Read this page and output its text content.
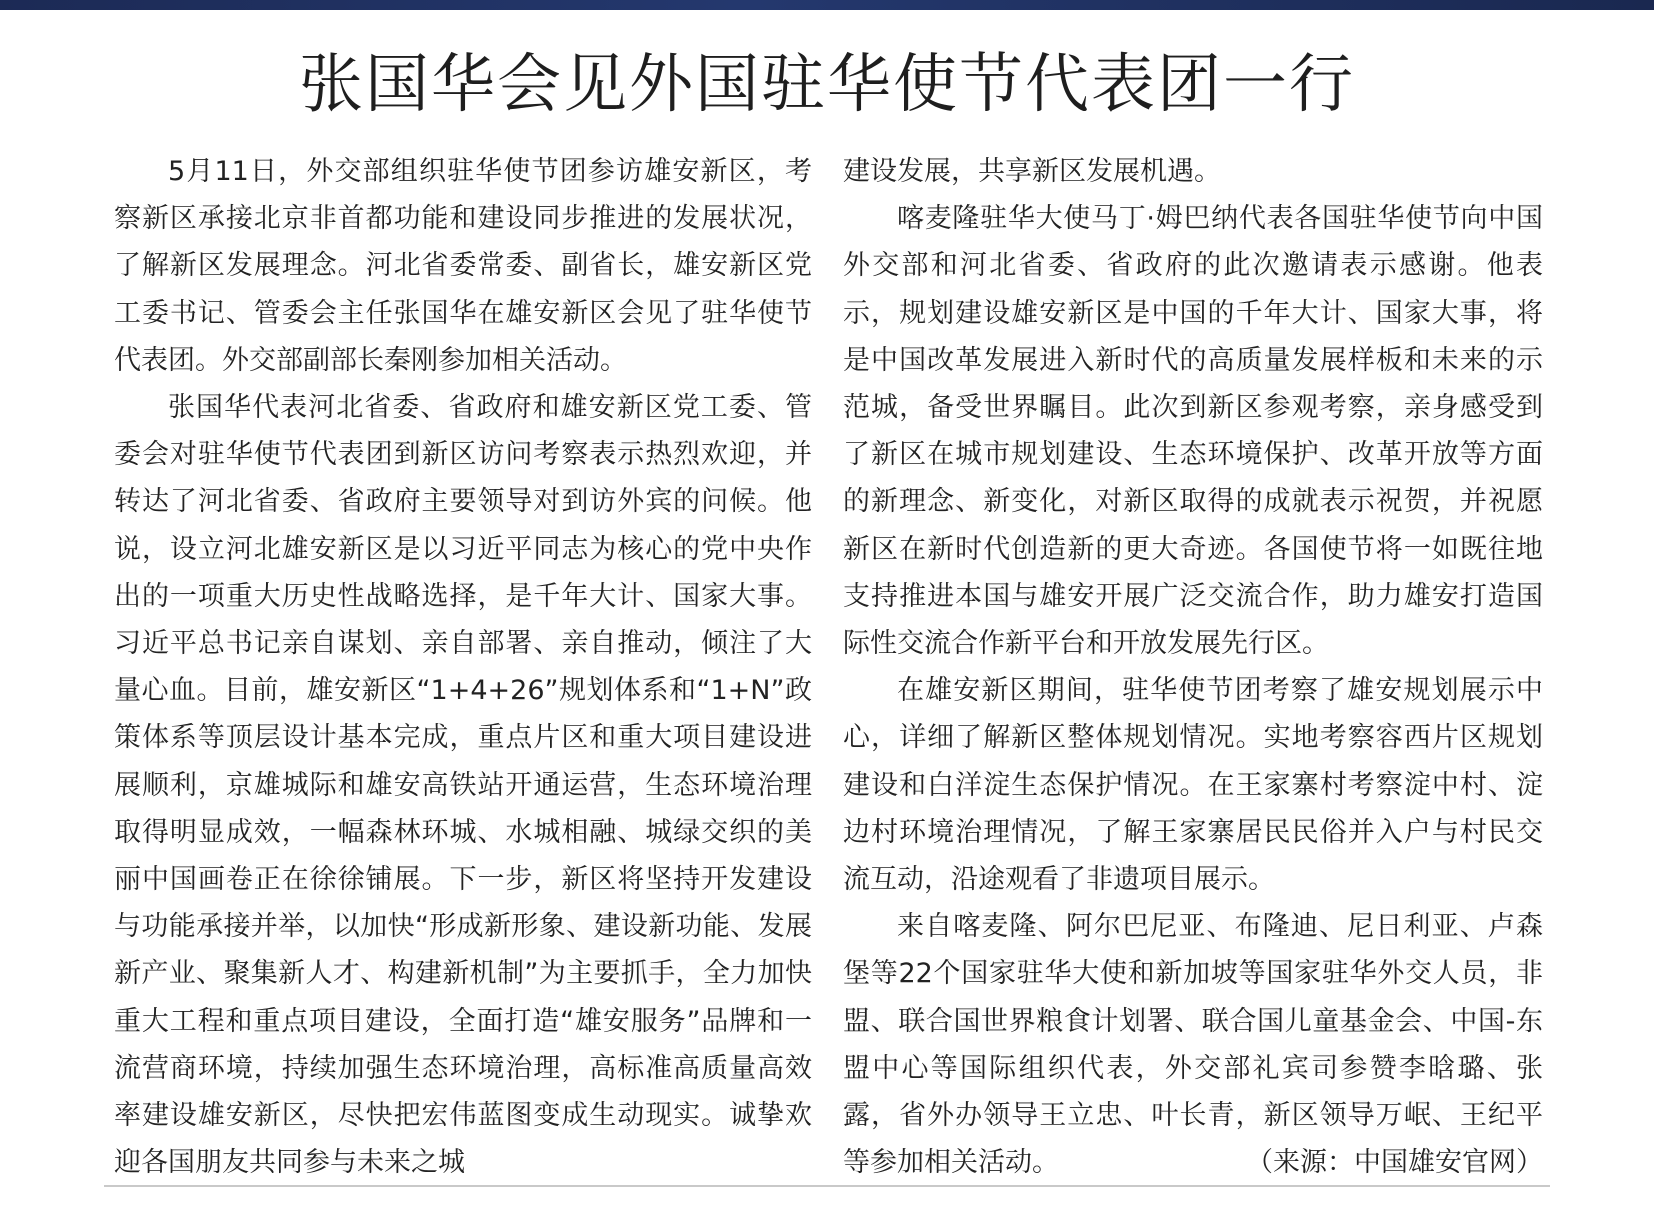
张国华会见外国驻华使节代表团一行

5月11日，外交部组织驻华使节团参访雄安新区，考察新区承接北京非首都功能和建设同步推进的发展状况，了解新区发展理念。河北省委常委、副省长，雄安新区党工委书记、管委会主任张国华在雄安新区会见了驻华使节代表团。外交部副部长秦刚参加相关活动。

张国华代表河北省委、省政府和雄安新区党工委、管委会对驻华使节代表团到新区访问考察表示热烈欢迎，并转达了河北省委、省政府主要领导对到访外宾的问候。他说，设立河北雄安新区是以习近平同志为核心的党中央作出的一项重大历史性战略选择，是千年大计、国家大事。习近平总书记亲自谋划、亲自部署、亲自推动，倾注了大量心血。目前，雄安新区“1+4+26”规划体系和“1+N”政策体系等顶层设计基本完成，重点片区和重大项目建设进展顺利，京雄城际和雄安高铁站开通运营，生态环境治理取得明显成效，一幅森林环城、水城相融、城绿交织的美丽中国画卷正在徐徐铺展。下一步，新区将坚持开发建设与功能承接并举，以加快“形成新形象、建设新功能、发展新产业、聚集新人才、构建新机制”为主要抓手，全力加快重大工程和重点项目建设，全面打造“雄安服务”品牌和一流营商环境，持续加强生态环境治理，高标准高质量高效率建设雄安新区，尽快把宏伟蓝图变成生动现实。诚挚欢迎各国朋友共同参与未来之城

建设发展，共享新区发展机遇。

喀麦隆驻华大使马丁·姆巴纳代表各国驻华使节向中国外交部和河北省委、省政府的此次邀请表示感谢。他表示，规划建设雄安新区是中国的千年大计、国家大事，将是中国改革发展进入新时代的高质量发展样板和未来的示范城，备受世界瞩目。此次到新区参观考察，亲身感受到了新区在城市规划建设、生态环境保护、改革开放等方面的新理念、新变化，对新区取得的成就表示祝贺，并祝愿新区在新时代创造新的更大奇迹。各国使节将一如既往地支持推进本国与雄安开展广泛交流合作，助力雄安打造国际性交流合作新平台和开放发展先行区。

在雄安新区期间，驻华使节团考察了雄安规划展示中心，详细了解新区整体规划情况。实地考察容西片区规划建设和白洋淀生态保护情况。在王家寨村考察淀中村、淀边村环境治理情况，了解王家寨居民民俗并入户与村民交流互动，沿途观看了非遗项目展示。

来自喀麦隆、阿尔巴尼亚、布隆迪、尼日利亚、卢森堡等22个国家驻华大使和新加坡等国家驻华外交人员，非盟、联合国世界粮食计划署、联合国儿童基金会、中国-东盟中心等国际组织代表，外交部礼宾司参赞李晗璐、张露，省外办领导王立忠、叶长青，新区领导万岷、王纪平等参加相关活动。	（来源：中国雄安官网）
